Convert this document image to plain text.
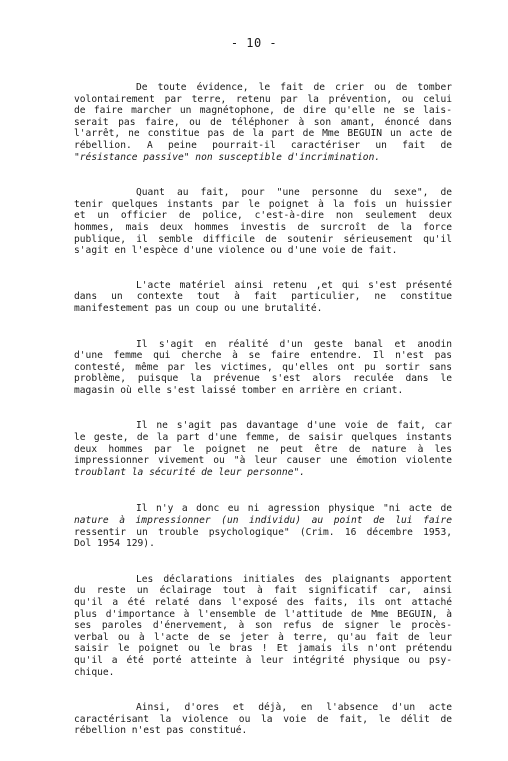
- 10 -
De toute évidence, le fait de crier ou de tomber
volontairement par terre, retenu par la prévention, ou celui
de faire marcher un magnétophone, de dire qu'elle ne se lais-
serait pas faire, ou de téléphoner à son amant, énoncé dans
l'arrêt, ne constitue pas de la part de Mme BEGUIN un acte de
rébellion. A peine pourrait-il caractériser un fait de
"résistance passive" non susceptible d'incrimination.
Quant au fait, pour "une personne du sexe", de
tenir quelques instants par le poignet à la fois un huissier
et un officier de police, c'est-à-dire non seulement deux
hommes, mais deux hommes investis de surcroît de la force
publique, il semble difficile de soutenir sérieusement qu'il
s'agit en l'espèce d'une violence ou d'une voie de fait.
L'acte matériel ainsi retenu ,et qui s'est présenté
dans un contexte tout à fait particulier, ne constitue
manifestement pas un coup ou une brutalité.
Il s'agit en réalité d'un geste banal et anodin
d'une femme qui cherche à se faire entendre. Il n'est pas
contesté, même par les victimes, qu'elles ont pu sortir sans
problème, puisque la prévenue s'est alors reculée dans le
magasin où elle s'est laissé tomber en arrière en criant.
Il ne s'agit pas davantage d'une voie de fait, car
le geste, de la part d'une femme, de saisir quelques instants
deux hommes par le poignet ne peut être de nature à les
impressionner vivement ou "à leur causer une émotion violente
troublant la sécurité de leur personne".
Il n'y a donc eu ni agression physique "ni acte de
nature à impressionner (un individu) au point de lui faire
ressentir un trouble psychologique" (Crim. 16 décembre 1953,
Dol 1954 129).
Les déclarations initiales des plaignants apportent
du reste un éclairage tout à fait significatif car, ainsi
qu'il a été relaté dans l'exposé des faits, ils ont attaché
plus d'importance à l'ensemble de l'attitude de Mme BEGUIN, à
ses paroles d'énervement, à son refus de signer le procès-
verbal ou à l'acte de se jeter à terre, qu'au fait de leur
saisir le poignet ou le bras ! Et jamais ils n'ont prétendu
qu'il a été porté atteinte à leur intégrité physique ou psy-
chique.
Ainsi, d'ores et déjà, en l'absence d'un acte
caractérisant la violence ou la voie de fait, le délit de
rébellion n'est pas constitué.
